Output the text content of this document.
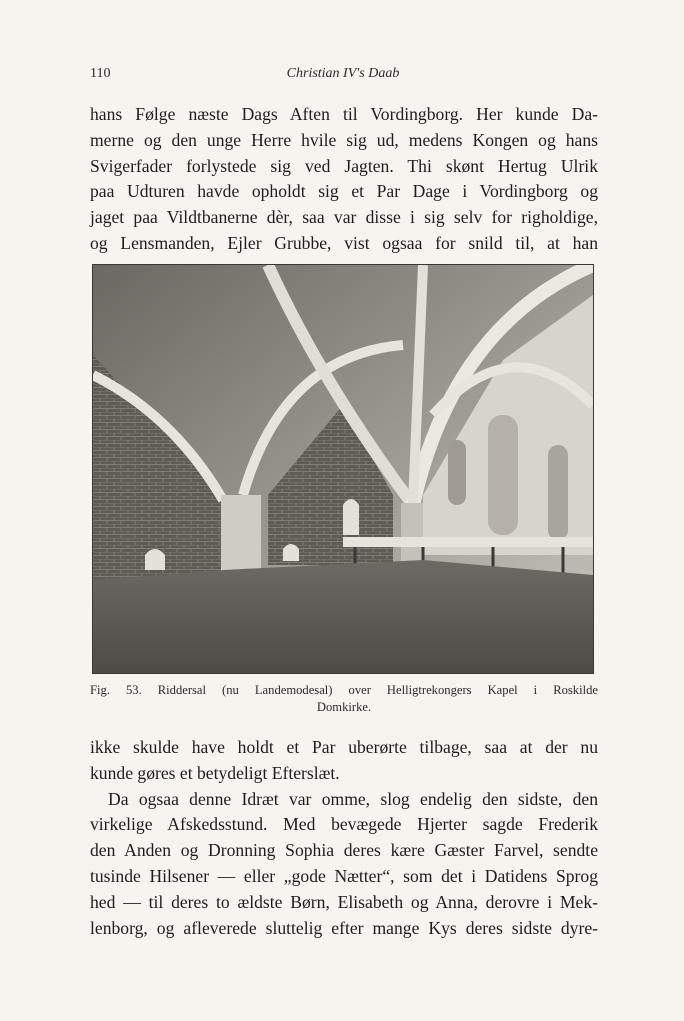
110	Christian IV's Daab

hans Følge næste Dags Aften til Vordingborg. Her kunde Da-
merne og den unge Herre hvile sig ud, medens Kongen og hans
Svigerfader forlystede sig ved Jagten. Thi skønt Hertug Ulrik
paa Udturen havde opholdt sig et Par Dage i Vordingborg og
jaget paa Vildtbanerne dèr, saa var disse i sig selv for righoldige,
og Lensmanden, Ejler Grubbe, vist ogsaa for snild til, at han

Fig. 53. Riddersal (nu Landemodesal) over Helligtrekongers Kapel i Roskilde
Domkirke.

ikke skulde have holdt et Par uberørte tilbage, saa at der nu
kunde gøres et betydeligt Efterslæt.

Da ogsaa denne Idræt var omme, slog endelig den sidste, den
virkelige Afskedsstund. Med bevægede Hjerter sagde Frederik
den Anden og Dronning Sophia deres kære Gæster Farvel, sendte
tusinde Hilsener — eller „gode Nætter“, som det i Datidens Sprog
hed — til deres to ældste Børn, Elisabeth og Anna, derovre i Mek-
lenborg, og afleverede sluttelig efter mange Kys deres sidste dyre-
